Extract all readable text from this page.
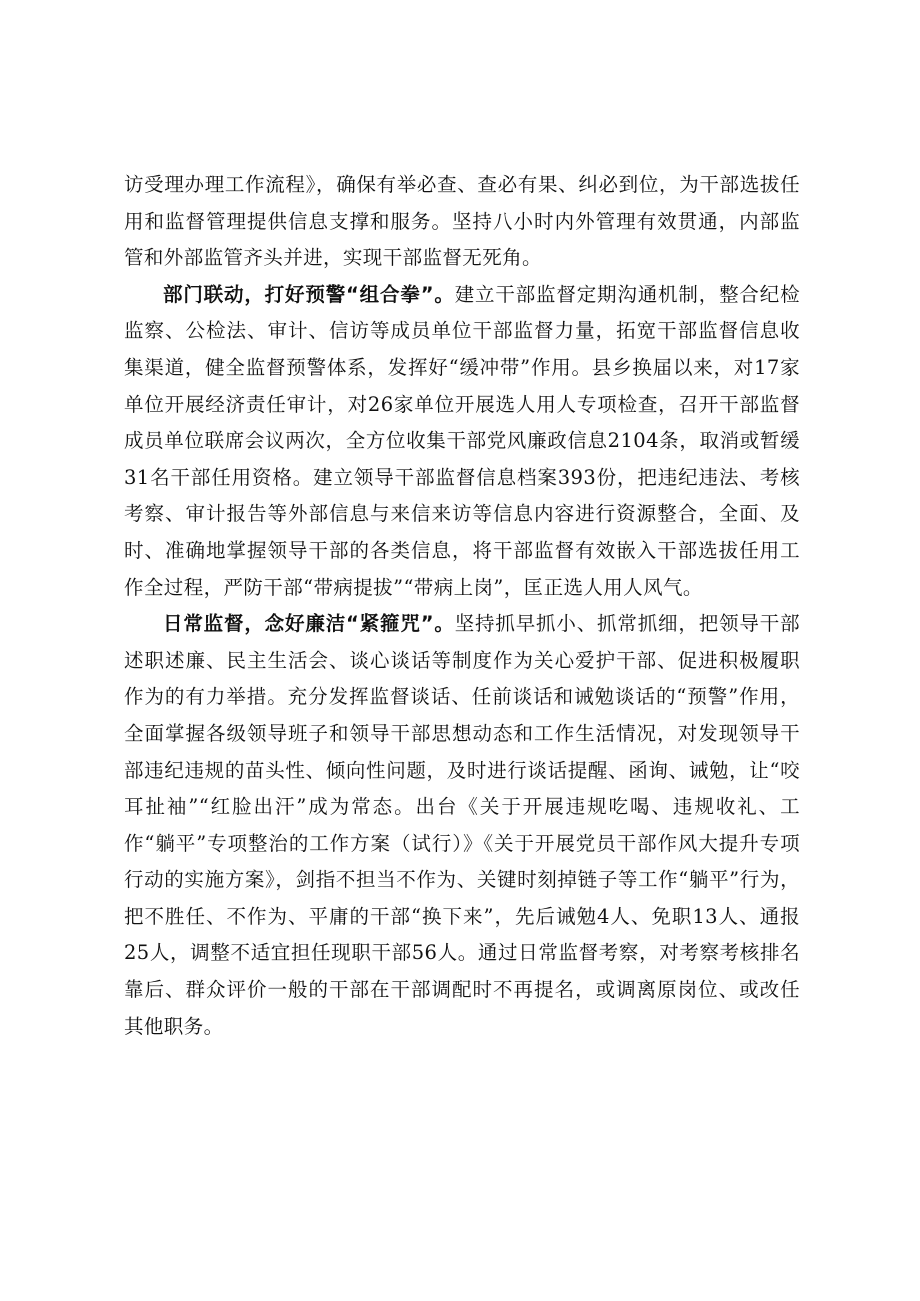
访受理办理工作流程》，确保有举必查、查必有果、纠必到位，为干部选拔任用和监督管理提供信息支撑和服务。坚持八小时内外管理有效贯通，内部监管和外部监管齐头并进，实现干部监督无死角。

部门联动，打好预警“组合拳”。建立干部监督定期沟通机制，整合纪检监察、公检法、审计、信访等成员单位干部监督力量，拓宽干部监督信息收集渠道，健全监督预警体系，发挥好“缓冲带”作用。县乡换届以来，对17家单位开展经济责任审计，对26家单位开展选人用人专项检查，召开干部监督成员单位联席会议两次，全方位收集干部党风廉政信息2104条，取消或暂缓31名干部任用资格。建立领导干部监督信息档案393份，把违纪违法、考核考察、审计报告等外部信息与来信来访等信息内容进行资源整合，全面、及时、准确地掌握领导干部的各类信息，将干部监督有效嵌入干部选拔任用工作全过程，严防干部“带病提拔”“带病上岗”，匡正选人用人风气。

日常监督，念好廉洁“紧箍咒”。坚持抓早抓小、抓常抓细，把领导干部述职述廉、民主生活会、谈心谈话等制度作为关心爱护干部、促进积极履职作为的有力举措。充分发挥监督谈话、任前谈话和诫勉谈话的“预警”作用，全面掌握各级领导班子和领导干部思想动态和工作生活情况，对发现领导干部违纪违规的苗头性、倾向性问题，及时进行谈话提醒、函询、诫勉，让“咬耳扯袖”“红脸出汗”成为常态。出台《关于开展违规吃喝、违规收礼、工作“躺平”专项整治的工作方案（试行）》《关于开展党员干部作风大提升专项行动的实施方案》，剑指不担当不作为、关键时刻掉链子等工作“躺平”行为，把不胜任、不作为、平庸的干部“换下来”，先后诫勉4人、免职13人、通报25人，调整不适宜担任现职干部56人。通过日常监督考察，对考察考核排名靠后、群众评价一般的干部在干部调配时不再提名，或调离原岗位、或改任其他职务。
